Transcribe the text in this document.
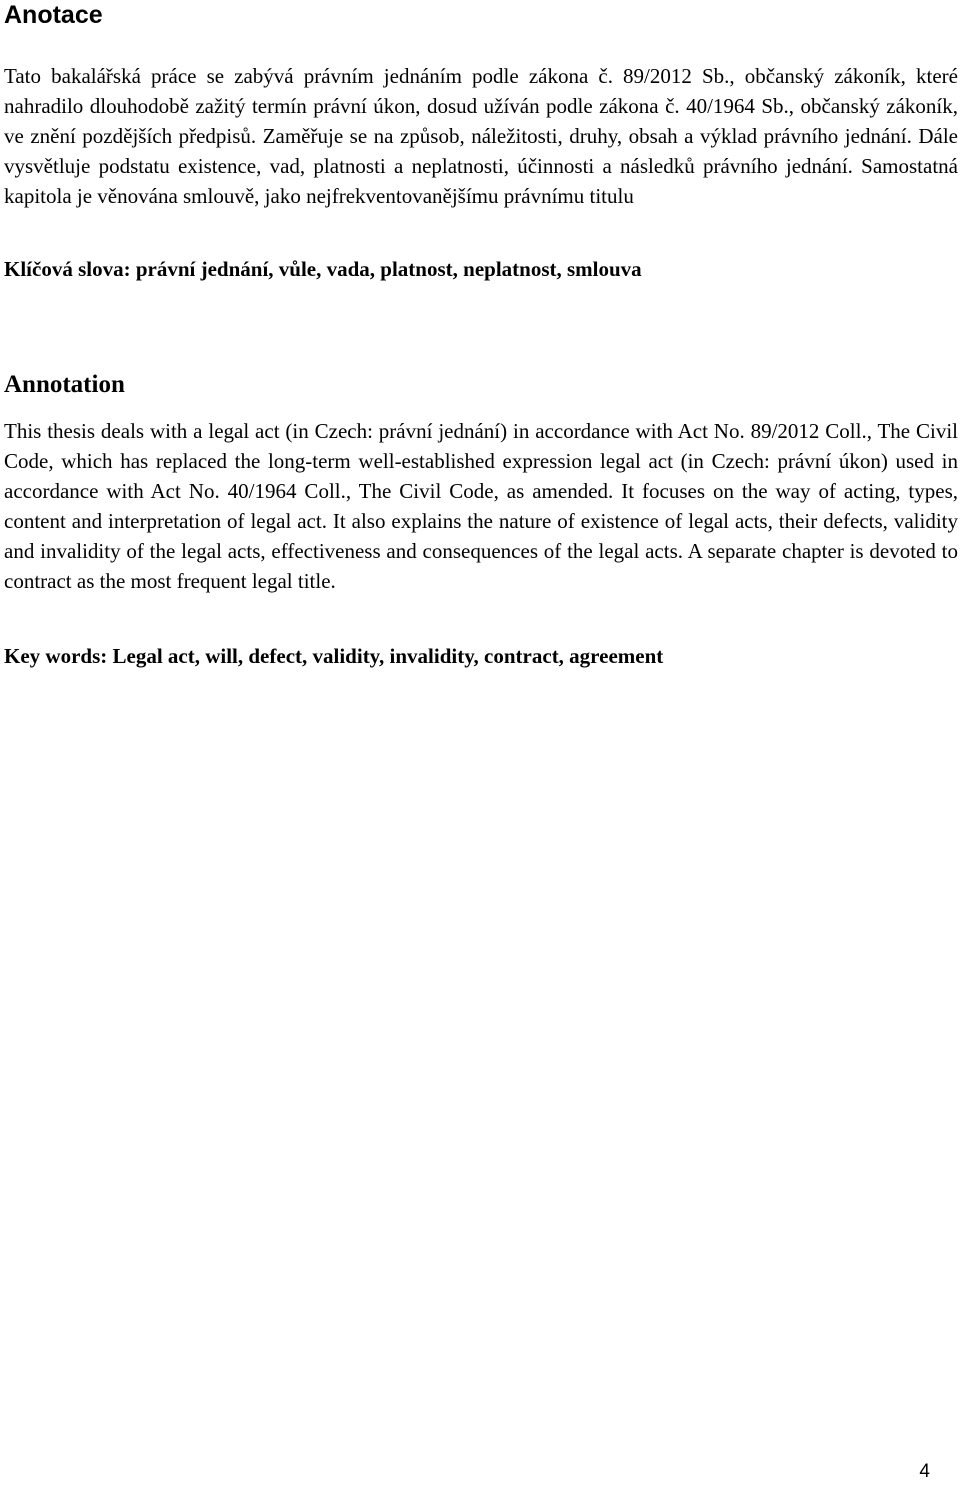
Anotace

Tato bakalářská práce se zabývá právním jednáním podle zákona č. 89/2012 Sb., občanský zákoník, které nahradilo dlouhodobě zažitý termín právní úkon, dosud užíván podle zákona č. 40/1964 Sb., občanský zákoník, ve znění pozdějších předpisů. Zaměřuje se na způsob, náležitosti, druhy, obsah a výklad právního jednání. Dále vysvětluje podstatu existence, vad, platnosti a neplatnosti, účinnosti a následků právního jednání. Samostatná kapitola je věnována smlouvě, jako nejfrekventovanějšímu právnímu titulu

Klíčová slova: právní jednání, vůle, vada, platnost, neplatnost, smlouva

Annotation

This thesis deals with a legal act (in Czech: právní jednání) in accordance with Act No. 89/2012 Coll., The Civil Code, which has replaced the long-term well-established expression legal act (in Czech: právní úkon) used in accordance with Act No. 40/1964 Coll., The Civil Code, as amended. It focuses on the way of acting, types, content and interpretation of legal act. It also explains the nature of existence of legal acts, their defects, validity and invalidity of the legal acts, effectiveness and consequences of the legal acts. A separate chapter is devoted to contract as the most frequent legal title.

Key words: Legal act, will, defect, validity, invalidity, contract, agreement

4
